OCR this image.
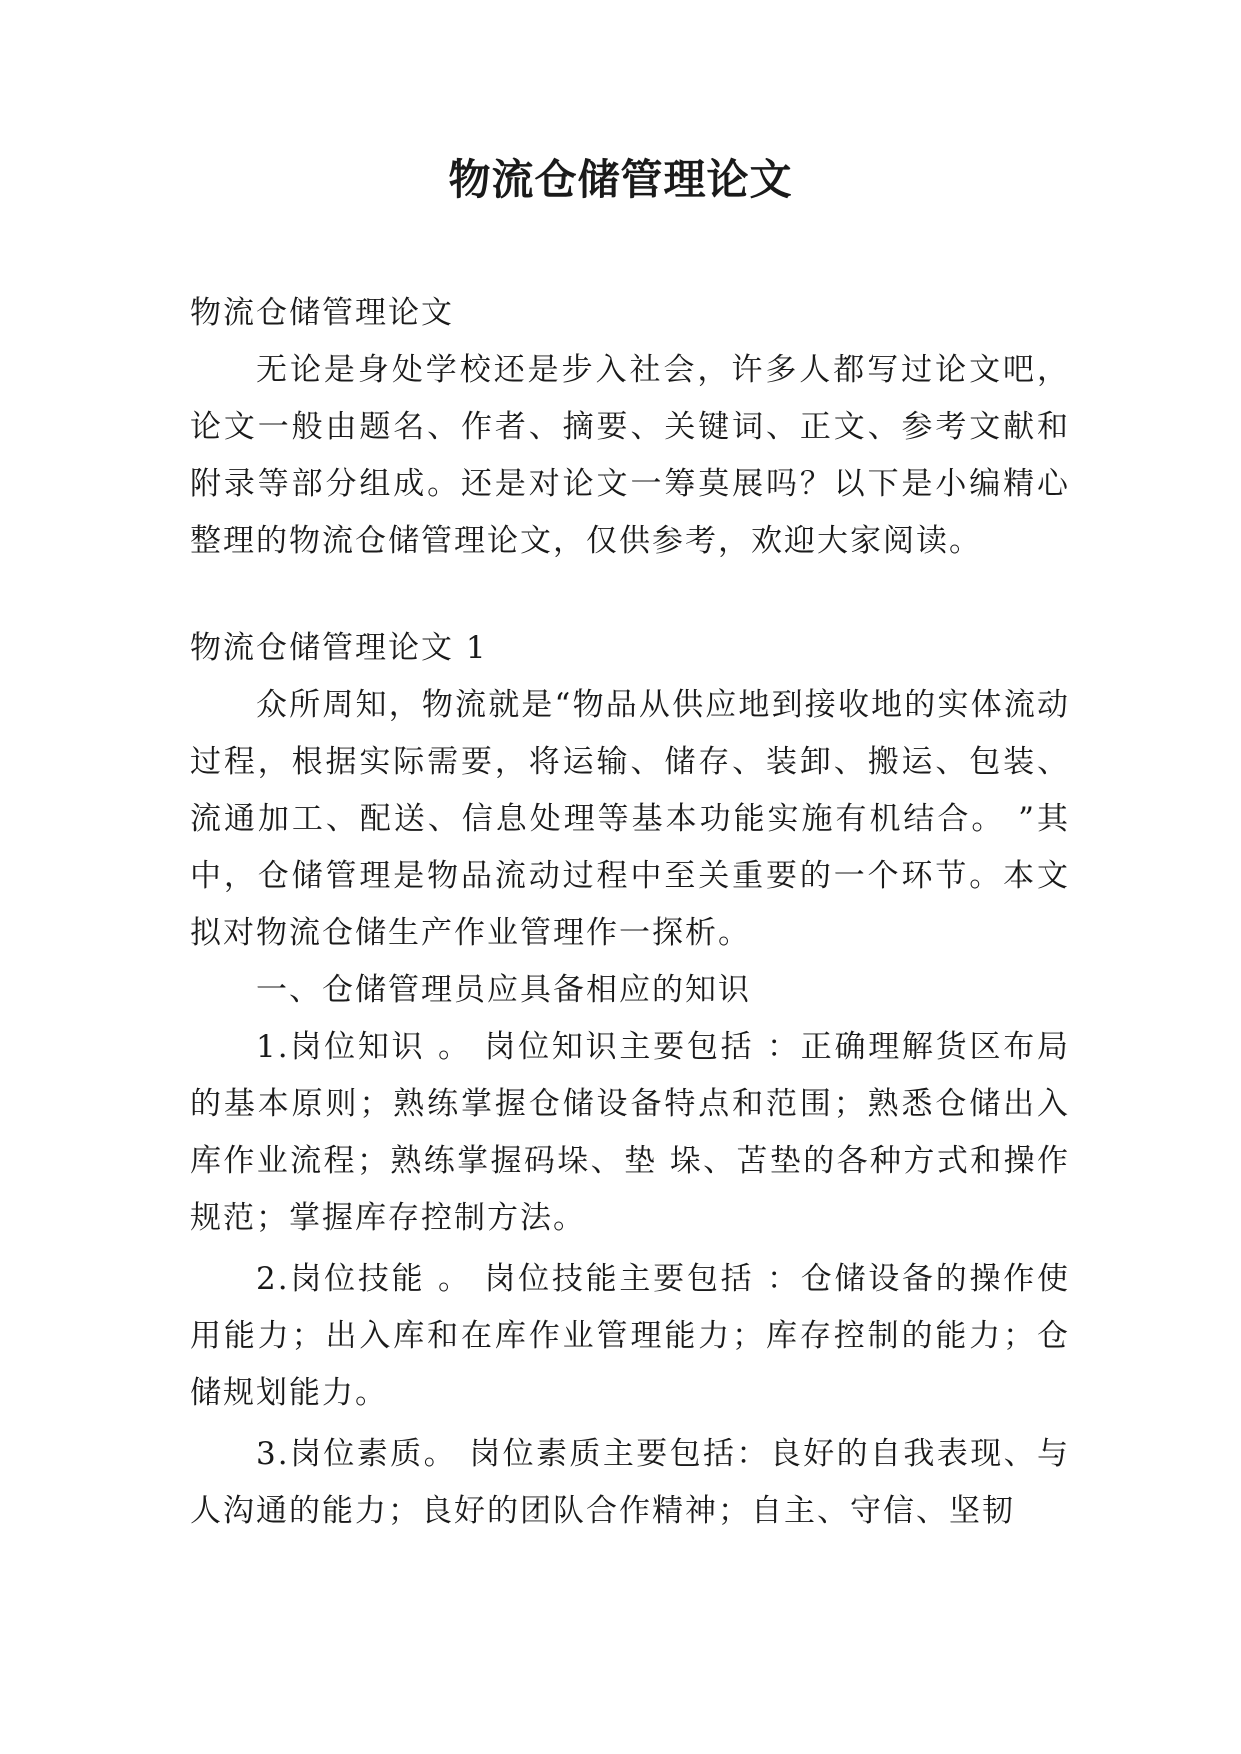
物流仓储管理论文

物流仓储管理论文

无论是身处学校还是步入社会，许多人都写过论文吧，论文一般由题名、作者、摘要、关键词、正文、参考文献和附录等部分组成。还是对论文一筹莫展吗？以下是小编精心整理的物流仓储管理论文，仅供参考，欢迎大家阅读。

物流仓储管理论文 1

众所周知，物流就是“物品从供应地到接收地的实体流动过程，根据实际需要，将运输、储存、装卸、搬运、包装、流通加工、配送、信息处理等基本功能实施有机结合。 ”其中，仓储管理是物品流动过程中至关重要的一个环节。本文拟对物流仓储生产作业管理作一探析。

一、仓储管理员应具备相应的知识

1.岗位知识 。 岗位知识主要包括 ：正确理解货区布局的基本原则；熟练掌握仓储设备特点和范围；熟悉仓储出入库作业流程；熟练掌握码垛、垫 垛、苫垫的各种方式和操作规范；掌握库存控制方法。

2.岗位技能 。 岗位技能主要包括 ：仓储设备的操作使用能力；出入库和在库作业管理能力；库存控制的能力；仓储规划能力。

3.岗位素质。 岗位素质主要包括：良好的自我表现、与人沟通的能力；良好的团队合作精神；自主、守信、坚韧
